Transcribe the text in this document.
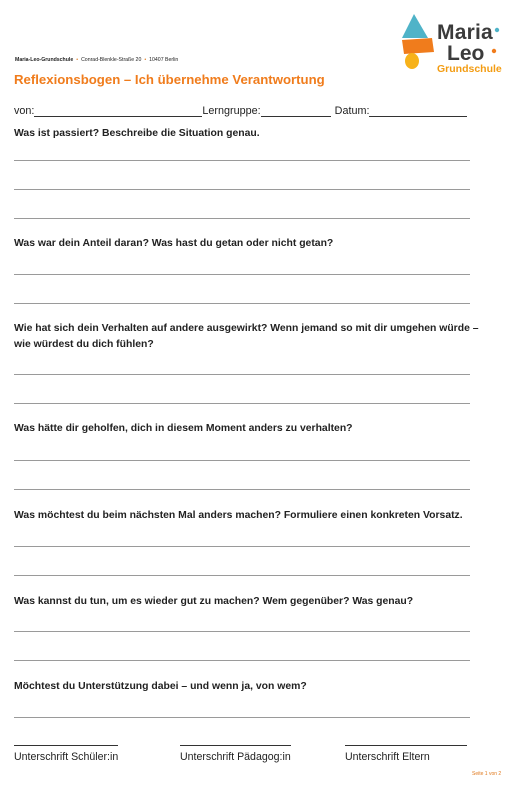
Maria-Leo-Grundschule • Conrad-Blenkle-Straße 20 • 10407 Berlin
Maria
Leo
Grundschule
Reflexionsbogen – Ich übernehme Verantwortung
von:	Lerngruppe:	Datum:
Was ist passiert? Beschreibe die Situation genau.
Was war dein Anteil daran? Was hast du getan oder nicht getan?
Wie hat sich dein Verhalten auf andere ausgewirkt? Wenn jemand so mit dir umgehen würde – wie würdest du dich fühlen?
Was hätte dir geholfen, dich in diesem Moment anders zu verhalten?
Was möchtest du beim nächsten Mal anders machen? Formuliere einen konkreten Vorsatz.
Was kannst du tun, um es wieder gut zu machen? Wem gegenüber? Was genau?
Möchtest du Unterstützung dabei – und wenn ja, von wem?
Unterschrift Schüler:in	Unterschrift Pädagog:in	Unterschrift Eltern
Seite 1 von 2
